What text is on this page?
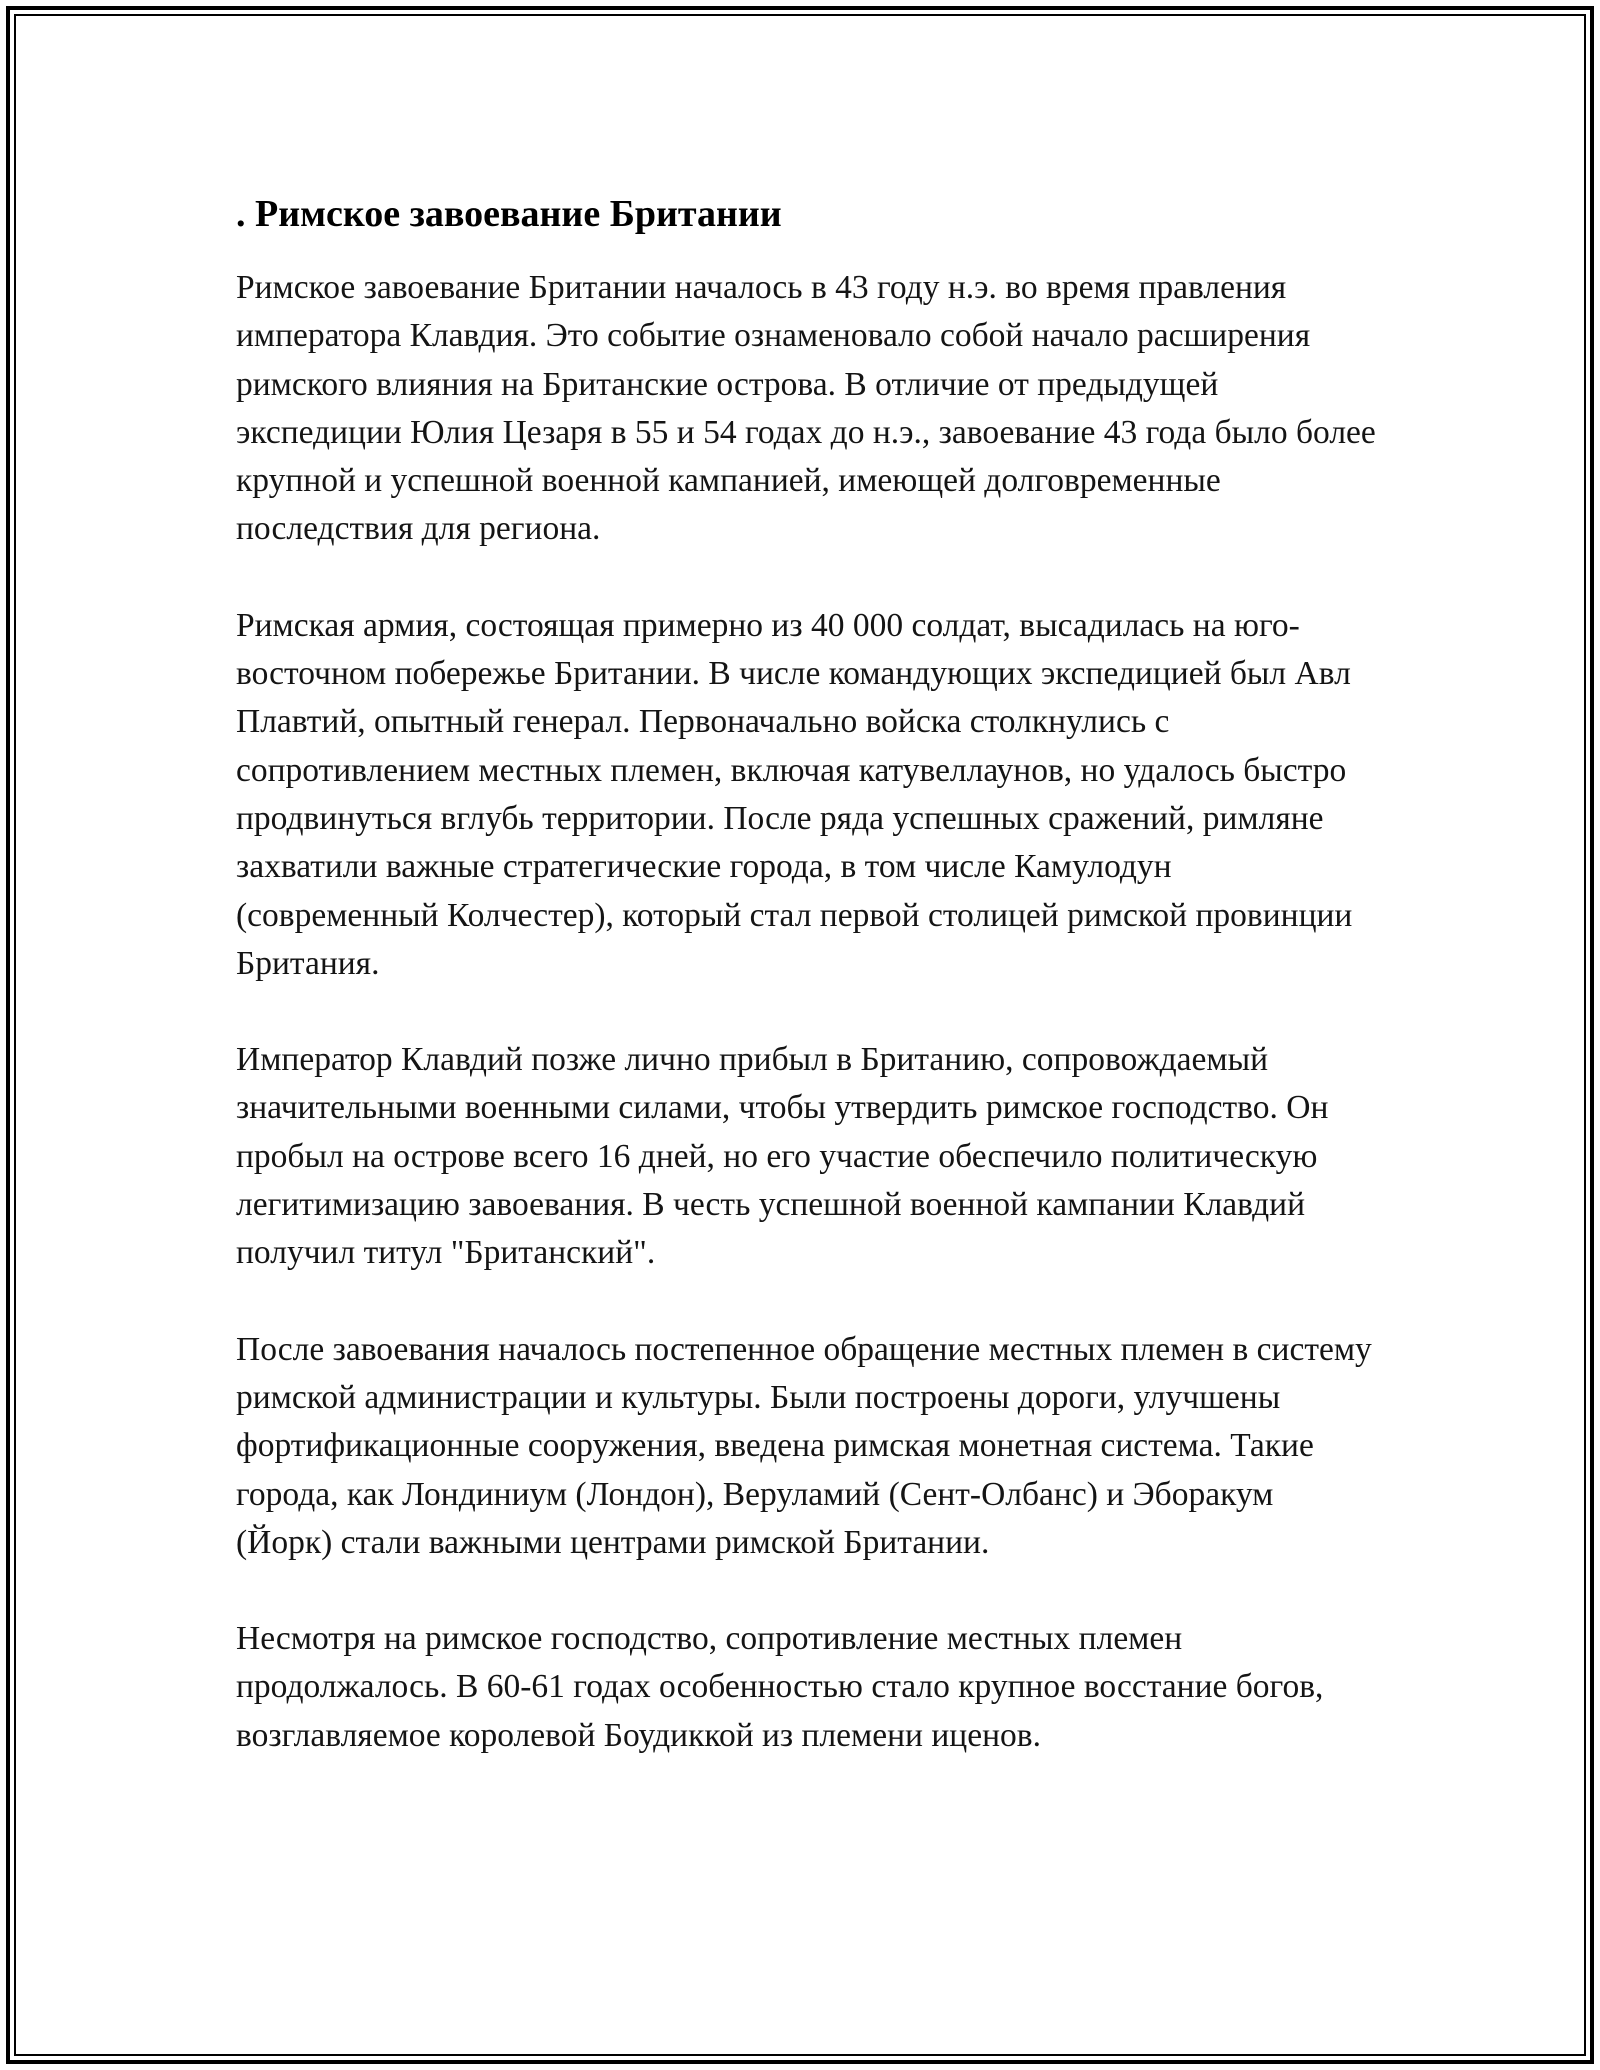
. Римское завоевание Британии

Римское завоевание Британии началось в 43 году н.э. во время правления императора Клавдия. Это событие ознаменовало собой начало расширения римского влияния на Британские острова. В отличие от предыдущей экспедиции Юлия Цезаря в 55 и 54 годах до н.э., завоевание 43 года было более крупной и успешной военной кампанией, имеющей долговременные последствия для региона.

Римская армия, состоящая примерно из 40 000 солдат, высадилась на юго-восточном побережье Британии. В числе командующих экспедицией был Авл Плавтий, опытный генерал. Первоначально войска столкнулись с сопротивлением местных племен, включая катувеллаунов, но удалось быстро продвинуться вглубь территории. После ряда успешных сражений, римляне захватили важные стратегические города, в том числе Камулодун (современный Колчестер), который стал первой столицей римской провинции Британия.

Император Клавдий позже лично прибыл в Британию, сопровождаемый значительными военными силами, чтобы утвердить римское господство. Он пробыл на острове всего 16 дней, но его участие обеспечило политическую легитимизацию завоевания. В честь успешной военной кампании Клавдий получил титул "Британский".

После завоевания началось постепенное обращение местных племен в систему римской администрации и культуры. Были построены дороги, улучшены фортификационные сооружения, введена римская монетная система. Такие города, как Лондиниум (Лондон), Веруламий (Сент-Олбанс) и Эборакум (Йорк) стали важными центрами римской Британии.

Несмотря на римское господство, сопротивление местных племен продолжалось. В 60-61 годах особенностью стало крупное восстание богов, возглавляемое королевой Боудиккой из племени иценов.
